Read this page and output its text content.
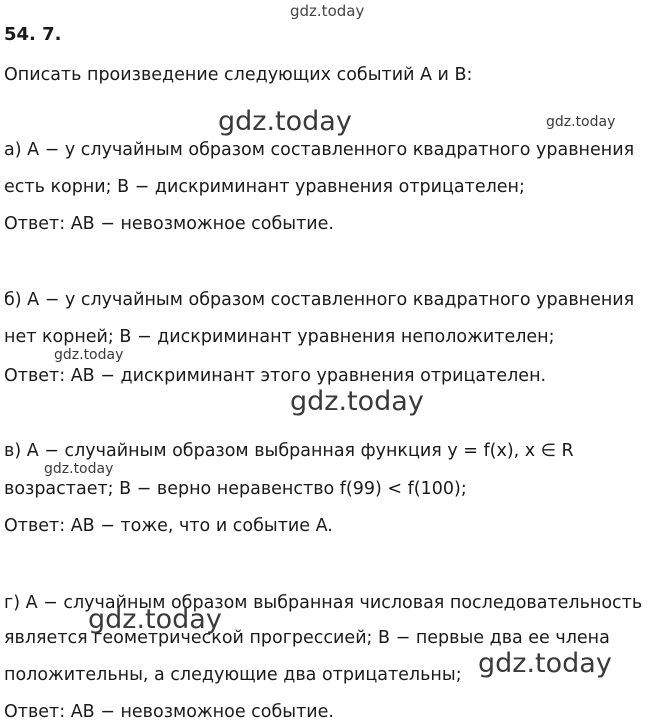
gdz.today
54. 7.
Описать произведение следующих событий A и B:
gdz.today	gdz.today
а) A − у случайным образом составленного квадратного уравнения
есть корни; B − дискриминант уравнения отрицателен;
Ответ: AB − невозможное событие.
б) A − у случайным образом составленного квадратного уравнения
нет корней; B − дискриминант уравнения неположителен;
gdz.today
Ответ: AB − дискриминант этого уравнения отрицателен.
gdz.today
в) A − случайным образом выбранная функция y = f(x), x ∈ R
gdz.today
возрастает; B − верно неравенство f(99) < f(100);
Ответ: AB − тоже, что и событие A.
г) A − случайным образом выбранная числовая последовательность
gdz.today
является геометрической прогрессией; B − первые два ее члена
положительны, а следующие два отрицательны; gdz.today
Ответ: AB − невозможное событие.
